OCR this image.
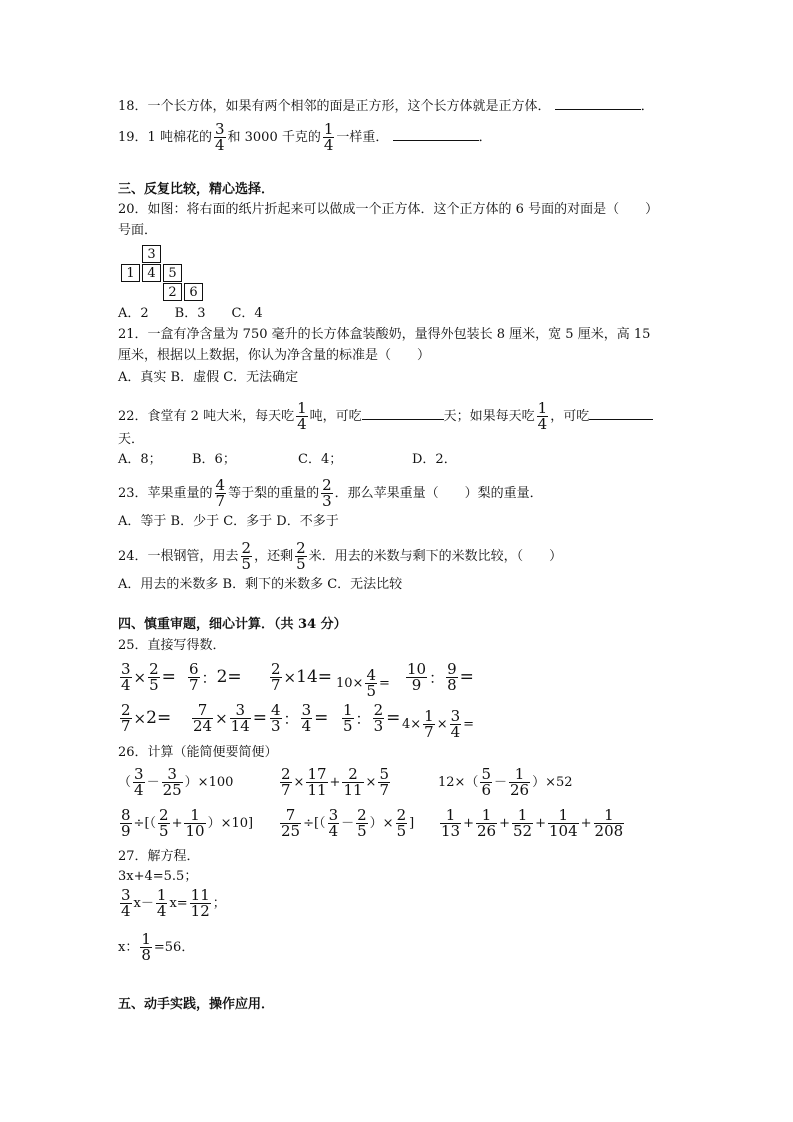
18．一个长方体，如果有两个相邻的面是正方形，这个长方体就是正方体．	．
19．1 吨棉花的 $\frac{3}{4}$ 和 3000 千克的 $\frac{1}{4}$ 一样重．	．
三、反复比较，精心选择．
20．如图：将右面的纸片折起来可以做成一个正方体．这个正方体的 6 号面的对面是（　　）
号面．
3
1 4 5
2 6
A．2　　B．3　　C．4
21．一盒有净含量为 750 毫升的长方体盒装酸奶，量得外包装长 8 厘米，宽 5 厘米，高 15
厘米，根据以上数据，你认为净含量的标准是（　　）
A．真实 B．虚假 C．无法确定
22．食堂有 2 吨大米，每天吃 $\frac{1}{4}$ 吨，可吃	天；如果每天吃 $\frac{1}{4}$ ，可吃
天．
A．8； B．6；	C．4；	D．2．
23．苹果重量的 $\frac{4}{7}$ 等于梨的重量的 $\frac{2}{3}$ ．那么苹果重量（　　）梨的重量．
A．等于 B．少于 C．多于 D．不多于
24．一根钢管，用去 $\frac{2}{5}$ ，还剩 $\frac{2}{5}$ 米．用去的米数与剩下的米数比较，（　　）
A．用去的米数多 B．剩下的米数多 C．无法比较
四、慎重审题，细心计算．（共 34 分）
25．直接写得数．
$\frac{3}{4} \times \frac{2}{5} = \frac{6}{7}$ ：$2= \frac{2}{7} \times 14= 10\times \frac{4}{5} = \frac{10}{9}$ ： $\frac{9}{8}$ =
$\frac{2}{7} \times 2= \frac{7}{24} \times \frac{3}{14} = \frac{4}{3}$ ： $\frac{3}{4} = \frac{1}{5}$ ： $\frac{2}{3} = 4\times \frac{1}{7} \times \frac{3}{4}$ =
26．计算（能简便要简便）
（ $\frac{3}{4} - \frac{3}{25} )\times 100$	$\frac{2}{7} \times \frac{17}{11} + \frac{2}{11} \times \frac{5}{7}$	$12\times( \frac{5}{6} - \frac{1}{26} )\times 52$
$\frac{8}{9}$ ÷[（ $\frac{2}{5} + \frac{1}{10} )\times 10] \frac{7}{25}$ ÷[（ $\frac{3}{4} - \frac{2}{5}$ ）× $\frac{2}{5}$ ] $\frac{1}{13} + \frac{1}{26} + \frac{1}{52} + \frac{1}{104} + \frac{1}{208}$
27．解方程．
3x+4=5.5；
$\frac{3}{4} x- \frac{1}{4} x= \frac{11}{12}$ ；
x： $\frac{1}{8} =56$．
五、动手实践，操作应用．
